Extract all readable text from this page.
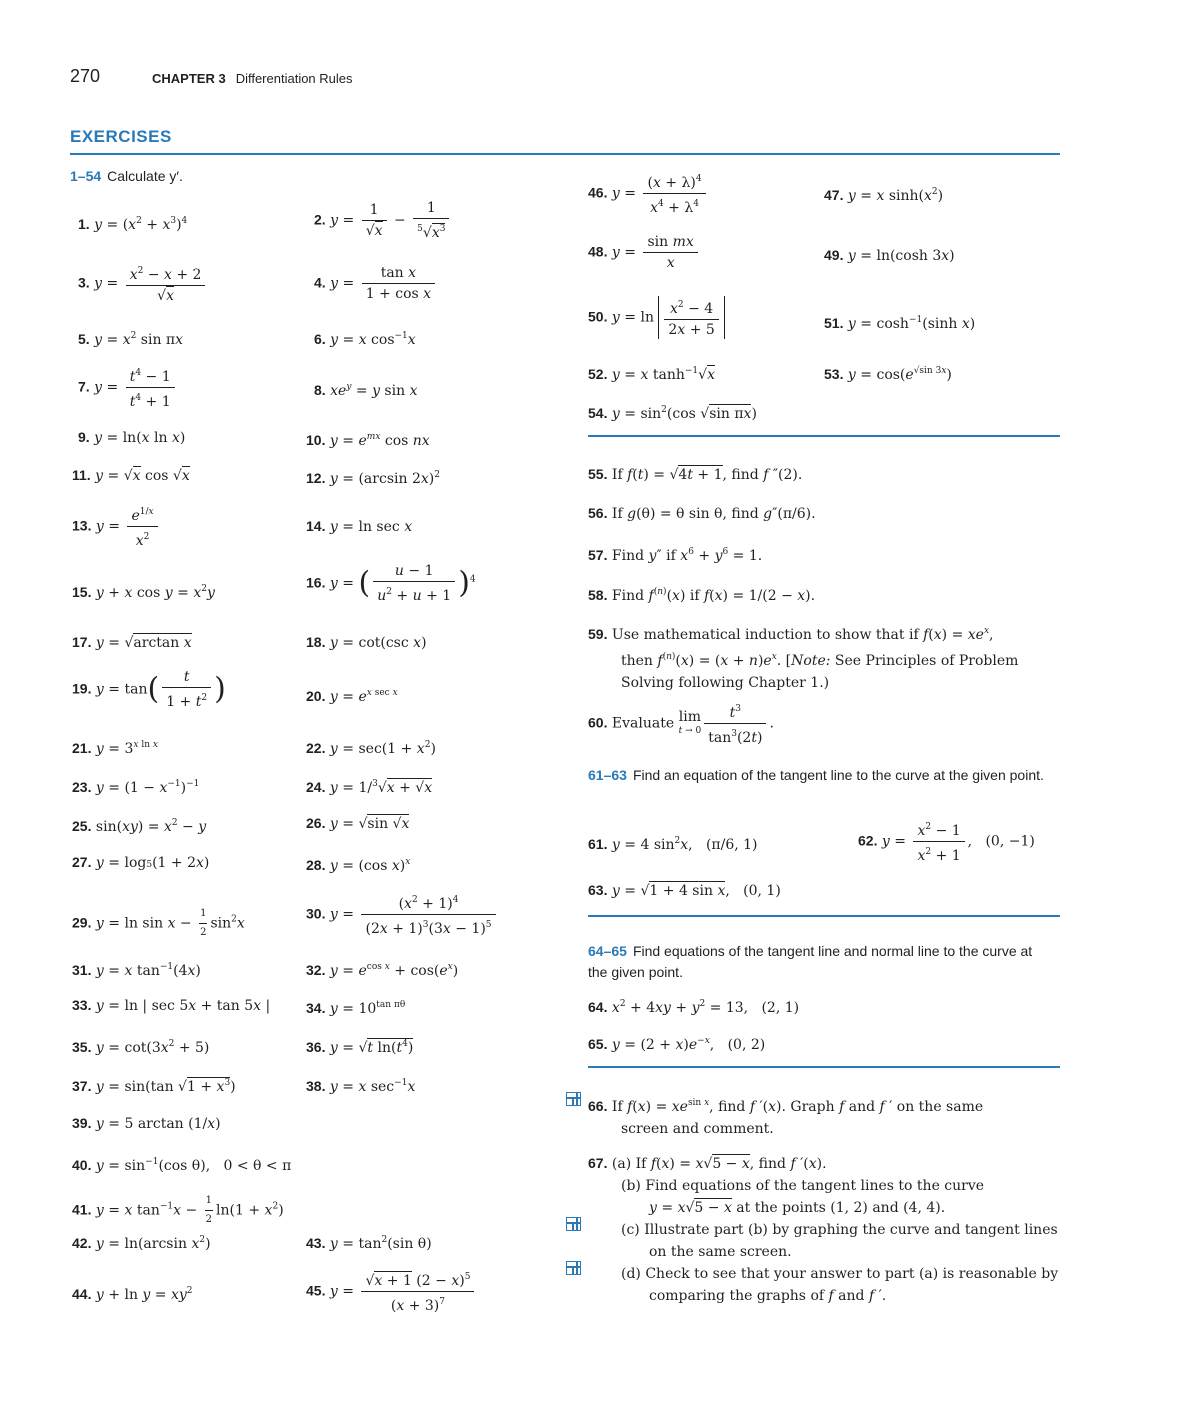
270	CHAPTER 3 Differentiation Rules
EXERCISES
1–54 Calculate y′.
1. $y = (x^2 + x^3)^4$	2. $y = \frac{1}{√x} - \frac{1}{^5√x^3}$
3. $y = \frac{x^2 - x + 2}{√x}$	4. $y = \frac{\text{tan x}}{\text{1 + cos x}}$
5. $y = x^2$ sin πx	6. y = x $\cos^{-1}x$
7. $y = \frac{t^4 - 1}{t^4 + 1}$	8. $xe^y = y$ sin x
9. y = ln(x ln x)	10. $y = e^{mx}$ cos nx
11. y = √x cos √x	12. y = (arcsin 2x)$^2$
13. $y = \frac{e^{1/x}}{x^2}$	14. y = ln sec x
15. y + x $\cos y = x^2y$
16. y = ( $\frac{u - 1}{u^2 + u + 1} )^4$
17. y = √arctan x	18. y = cot(csc x)
19. $y = \tan( \frac{t}{1 + t^2}$ )	20. $y = e^{x sec x}$
21. $y = 3^{x ln x}$	22. $y = \sec(1 + x^2)$
23. $y = (1 - x^{-1})^{-1}$	24. y = 1/$^3$√x + √x
25. $\sin(xy) = x^2 - y$	26. y = √sin √x
27. y = log5(1 + 2x)	28. y = (cos x)$^x$
29. $y = \ln \sin x - \frac{1}{2} \sin^2x$
30. $y = \frac{(x^2 + 1)^4}{(2x + 1)^3(3x - 1)^5}$
31. y = x $\tan^{-1}(4x)$	32. $y = e^{cos x} + \cos(e^x)$
33. y = ln | sec 5x + tan 5x |	34. $y = 10^{tan \pi\theta}$
35. $y = \cot(3x^2 + 5)$	36. y = √t $\ln(t^4)$
37. y = sin(tan $√1 + x^3$)	38. y = x $\sec^{-1}x$
39. y = 5 arctan (1/x)
40. $y = \sin^{-1}(\cos$ θ),   0 < θ < π
41. y = x $\tan^{-1}x - \frac{1}{2} \ln(1 + x^2)$
42. y = ln(arcsin $x^2$)	43. $y = \tan^2(\sin$ θ)
44. $y + \ln y = xy^2$	45. $y = \frac{√x + 1 (2 - x)^5}{(x + 3)^7}$
46. $y = \frac{(x + \lambda)^4}{x^4 + \lambda^4}$	47. y = x $\sinh(x^2)$
48. $y = \frac{\text{sin mx}}{x}$	49. y = ln(cosh 3x)
50. $y = \ln \frac{x^2 - 4}{2x + 5}$	51. $y = \cosh^{-1}(\sinh$ x)
52. y = x $\tanh^{-1}√x$	53. $y = \cos(e^{√sin 3x})$
54. $y = \sin^2(\cos$ √sin πx)
55. If f(t) = √4t + 1, find f ″(2).
56. If g(θ) = θ sin θ, find g″(π/6).
57. Find y″ if $x^6 + y^6 = 1$.
58. Find $f^{(n)}(x)$ if f(x) = 1/(2 − x).
59. Use mathematical induction to show that if $f(x) = xe^x$,
then $f^{(n)}(x) = (x + n)e^x$. [Note: See Principles of Problem
Solving following Chapter 1.)
60. Evaluate lim
$t \to 0 \frac{t^3}{\tan^3(2t)}$ .
61–63 Find an equation of the tangent line to the curve at the given point.
61. y = 4 $\sin^2x$,   (π/6, 1)	62. $y = \frac{x^2 - 1}{x^2 + 1}$ ,   (0, −1)
63. y = √1 + 4 sin x,   (0, 1)
64–65 Find equations of the tangent line and normal line to the curve at the given point.
64. $x^2 + 4xy + y^2 = 13$,   (2, 1)
65. $y = (2 + x)e^{-x}$,   (0, 2)
66. If $f(x) = xe^{sin x}$, find f ′(x). Graph f and f ′ on the same
screen and comment.
67. (a) If f(x) = x√5 − x, find f ′(x).
(b) Find equations of the tangent lines to the curve
y = x√5 − x at the points (1, 2) and (4, 4).
(c) Illustrate part (b) by graphing the curve and tangent lines
on the same screen.
(d) Check to see that your answer to part (a) is reasonable by
comparing the graphs of f and f ′.
